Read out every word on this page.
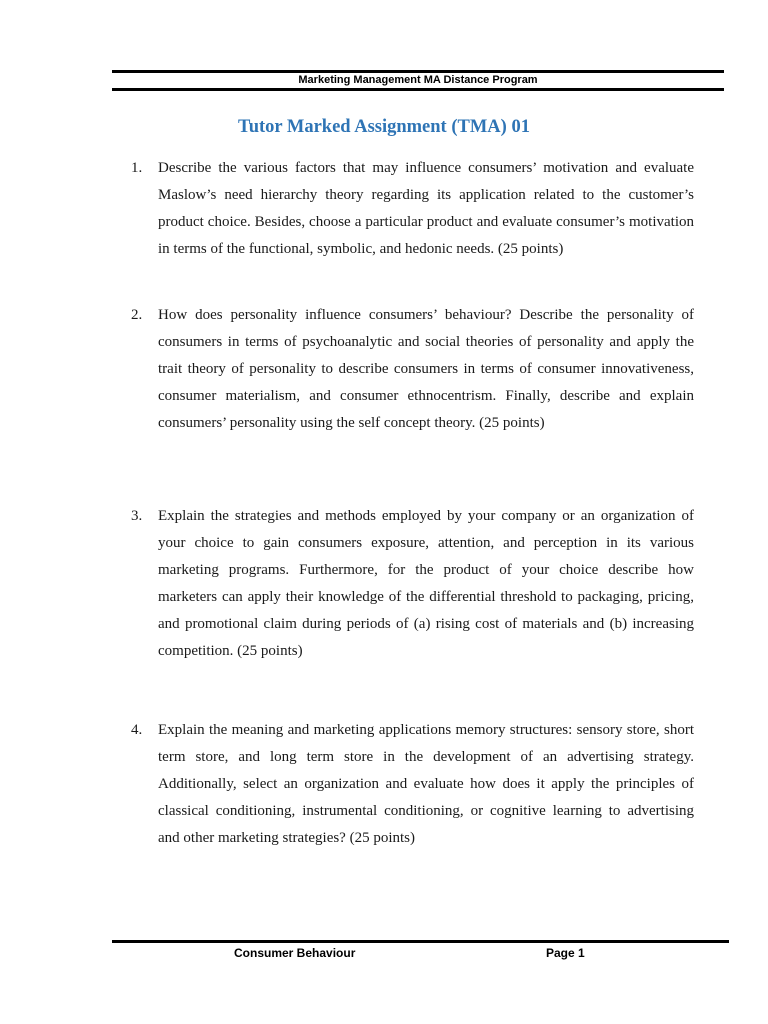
Marketing Management MA Distance Program
Tutor Marked Assignment (TMA) 01
1. Describe the various factors that may influence consumers’ motivation and evaluate Maslow’s need hierarchy theory regarding its application related to the customer’s product choice. Besides, choose a particular product and evaluate consumer’s motivation in terms of the functional, symbolic, and hedonic needs. (25 points)
2. How does personality influence consumers’ behaviour? Describe the personality of consumers in terms of psychoanalytic and social theories of personality and apply the trait theory of personality to describe consumers in terms of consumer innovativeness, consumer materialism, and consumer ethnocentrism. Finally, describe and explain consumers’ personality using the self concept theory. (25 points)
3. Explain the strategies and methods employed by your company or an organization of your choice to gain consumers exposure, attention, and perception in its various marketing programs. Furthermore, for the product of your choice describe how marketers can apply their knowledge of the differential threshold to packaging, pricing, and promotional claim during periods of (a) rising cost of materials and (b) increasing competition. (25 points)
4. Explain the meaning and marketing applications memory structures: sensory store, short term store, and long term store in the development of an advertising strategy. Additionally, select an organization and evaluate how does it apply the principles of classical conditioning, instrumental conditioning, or cognitive learning to advertising and other marketing strategies? (25 points)
Consumer Behaviour	Page 1
